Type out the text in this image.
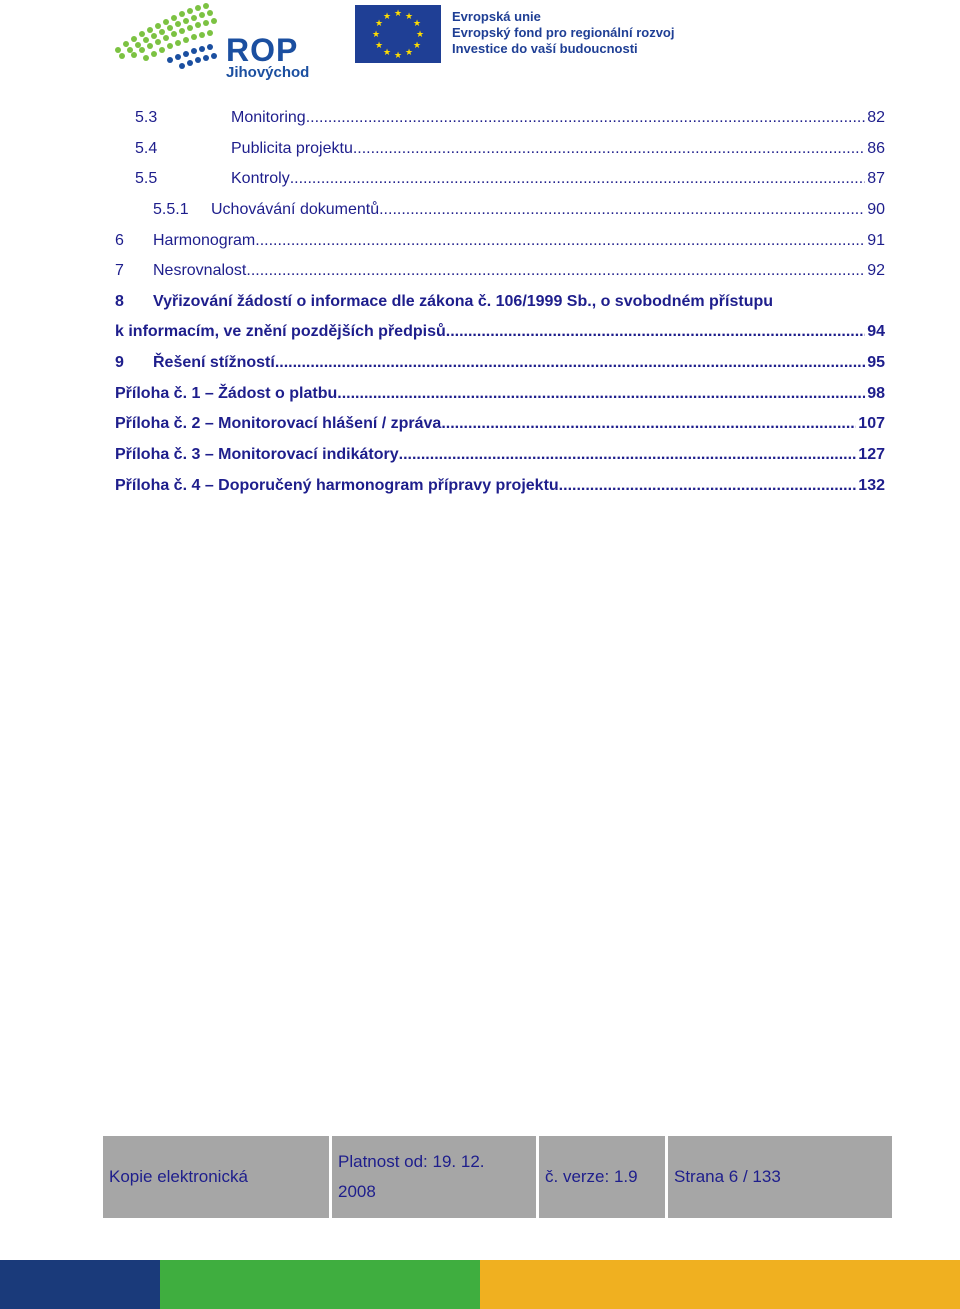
ROP
Jihovýchod
★ ★
★
★
★
★
★
★
★
★
★
★	Evropská unie
Evropský fond pro regionální rozvoj
Investice do vaší budoucnosti
5.3	Monitoring .....	82
5.4	Publicita projektu .....	86
5.5	Kontroly .....	87
5.5.1	Uchovávání dokumentů .....	90
6	Harmonogram .....	91
7	Nesrovnalost .....	92
8	Vyřizování žádostí o informace dle zákona č. 106/1999 Sb., o svobodném přístupu
k informacím, ve znění pozdějších předpisů .....	94
9	Řešení stížností .....	95
Příloha č. 1 – Žádost o platbu .....	98
Příloha č. 2 – Monitorovací hlášení / zpráva .....	107
Příloha č. 3 – Monitorovací indikátory .....	127
Příloha č. 4 – Doporučený harmonogram přípravy projektu .....	132
Kopie elektronická
Platnost od: 19. 12.
2008
č. verze: 1.9 Strana 6 / 133
